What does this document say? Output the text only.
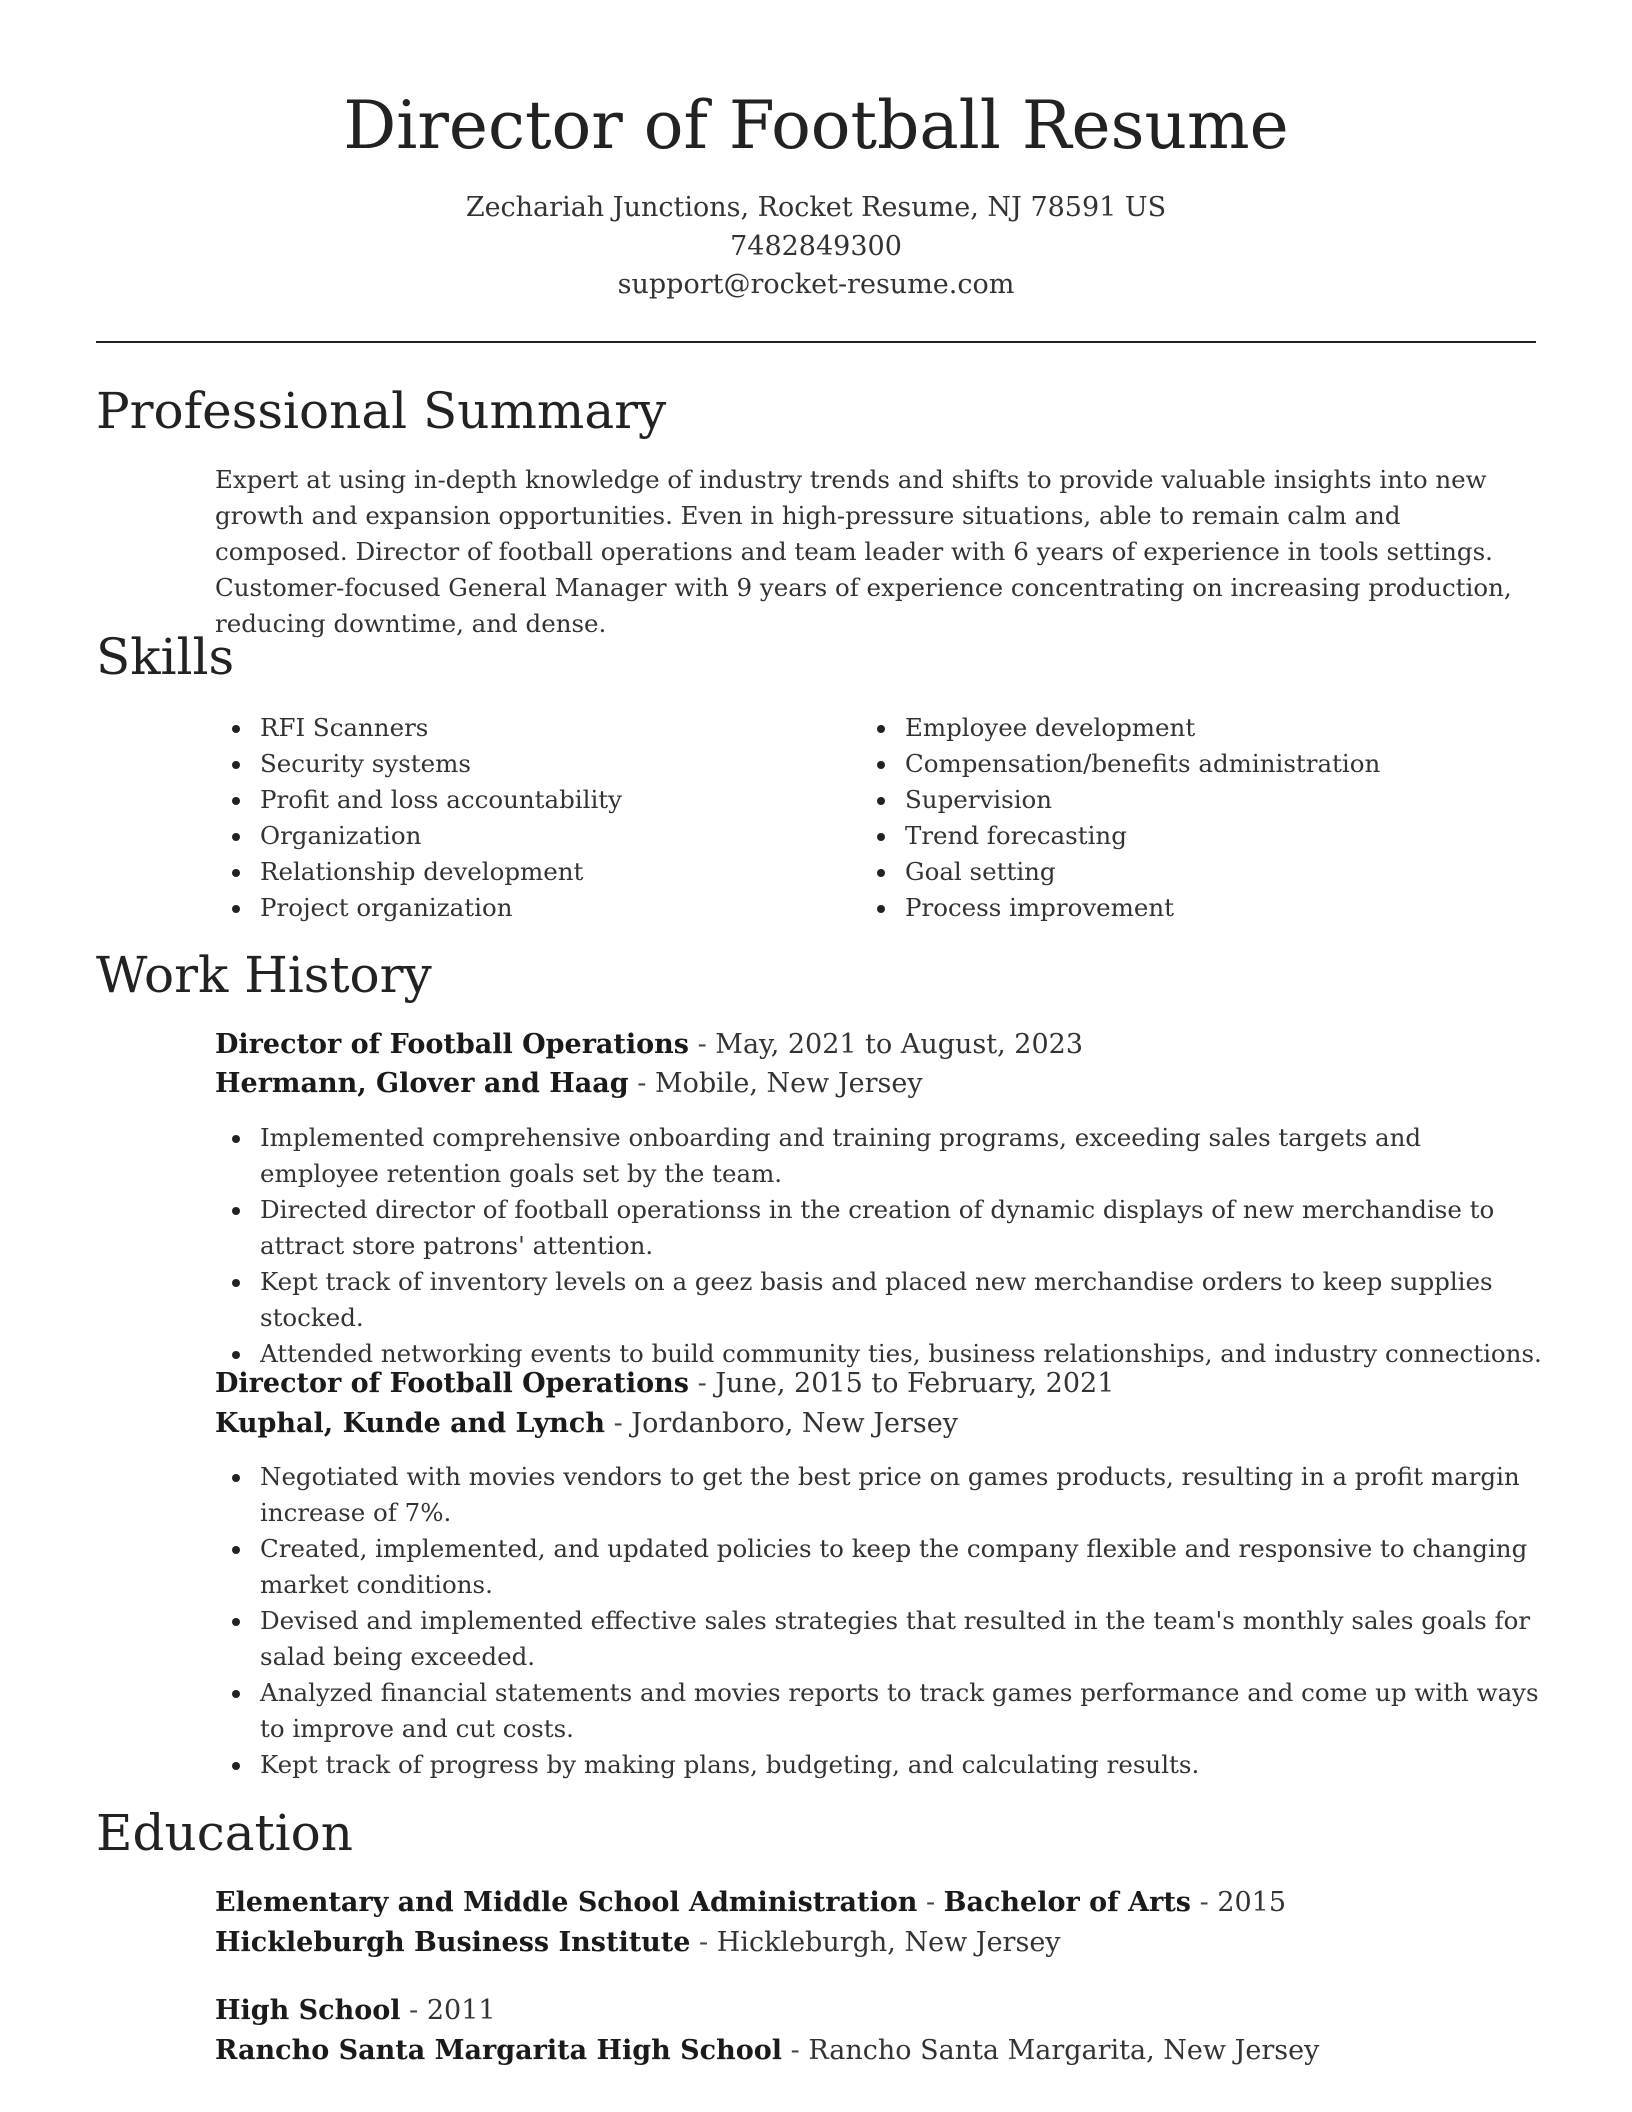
Director of Football Resume
Zechariah Junctions, Rocket Resume, NJ 78591 US
7482849300
support@rocket-resume.com
Professional Summary

Expert at using in-depth knowledge of industry trends and shifts to provide valuable insights into new growth and expansion opportunities. Even in high-pressure situations, able to remain calm and composed. Director of football operations and team leader with 6 years of experience in tools settings. Customer-focused General Manager with 9 years of experience concentrating on increasing production, reducing downtime, and dense.

Skills
RFI Scanners
Security systems
Profit and loss accountability
Organization
Relationship development
Project organization
Employee development
Compensation/benefits administration
Supervision
Trend forecasting
Goal setting
Process improvement
Work History
Director of Football Operations - May, 2021 to August, 2023
Hermann, Glover and Haag - Mobile, New Jersey
Implemented comprehensive onboarding and training programs, exceeding sales targets and employee retention goals set by the team.
Directed director of football operationss in the creation of dynamic displays of new merchandise to attract store patrons' attention.
Kept track of inventory levels on a geez basis and placed new merchandise orders to keep supplies stocked.
Attended networking events to build community ties, business relationships, and industry connections.
Director of Football Operations - June, 2015 to February, 2021
Kuphal, Kunde and Lynch - Jordanboro, New Jersey
Negotiated with movies vendors to get the best price on games products, resulting in a profit margin increase of 7%.
Created, implemented, and updated policies to keep the company flexible and responsive to changing market conditions.
Devised and implemented effective sales strategies that resulted in the team's monthly sales goals for salad being exceeded.
Analyzed financial statements and movies reports to track games performance and come up with ways to improve and cut costs.
Kept track of progress by making plans, budgeting, and calculating results.
Education
Elementary and Middle School Administration - Bachelor of Arts - 2015
Hickleburgh Business Institute - Hickleburgh, New Jersey
High School - 2011
Rancho Santa Margarita High School - Rancho Santa Margarita, New Jersey
